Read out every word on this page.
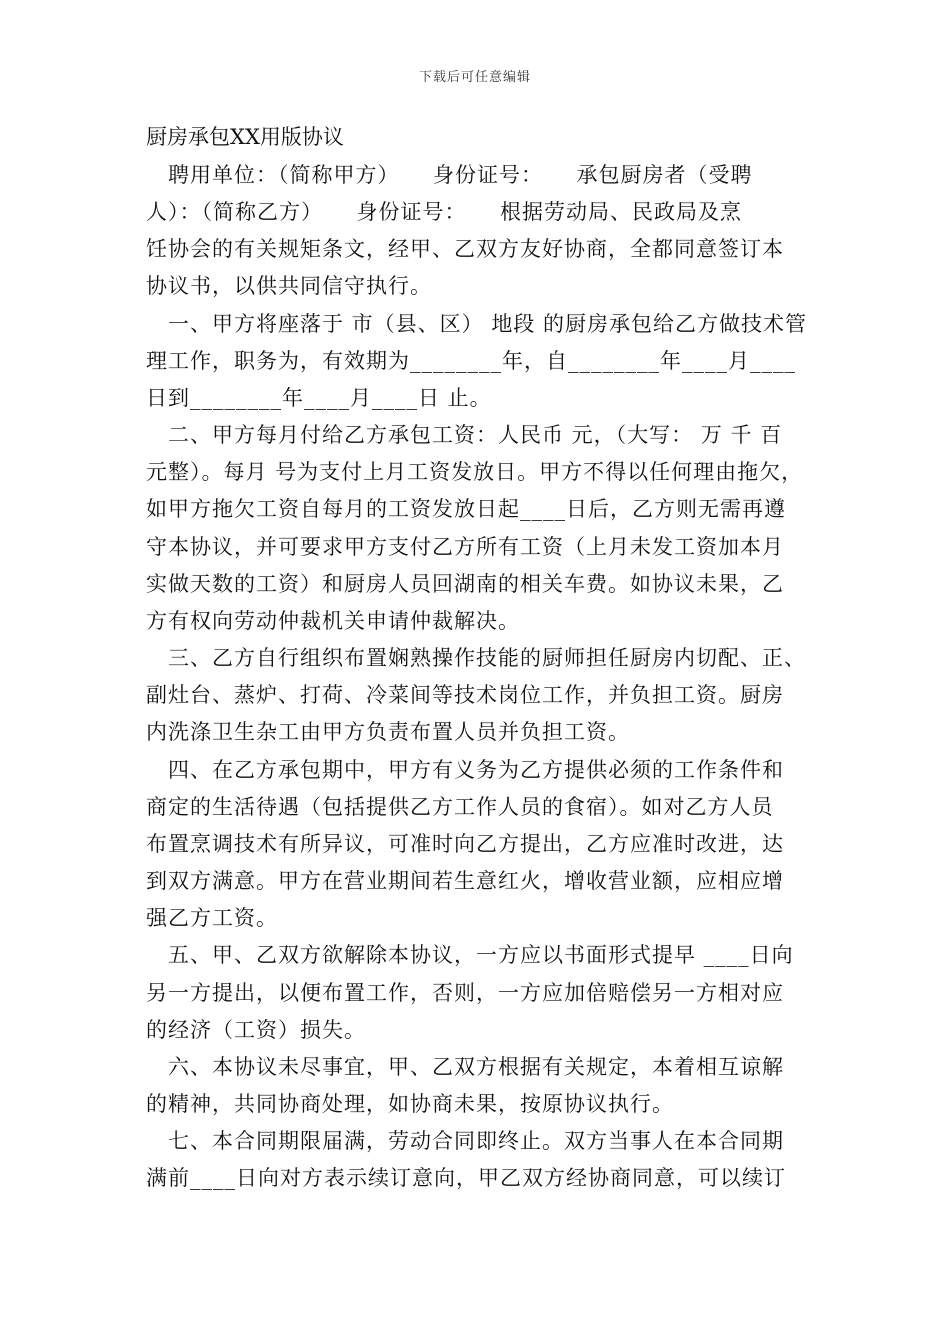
下载后可任意编辑
厨房承包XX用版协议
　聘用单位：（简称甲方）　　身份证号：　　承包厨房者（受聘
人）：（简称乙方）　　身份证号：　　根据劳动局、民政局及烹
饪协会的有关规矩条文，经甲、乙双方友好协商，全都同意签订本
协议书，以供共同信守执行。
　一、甲方将座落于 市（县、区） 地段 的厨房承包给乙方做技术管
理工作，职务为，有效期为________年，自________年____月____
日到________年____月____日 止。
　二、甲方每月付给乙方承包工资：人民币 元，（大写： 万 千 百
元整）。每月 号为支付上月工资发放日。甲方不得以任何理由拖欠，
如甲方拖欠工资自每月的工资发放日起____日后，乙方则无需再遵
守本协议，并可要求甲方支付乙方所有工资（上月未发工资加本月
实做天数的工资）和厨房人员回湖南的相关车费。如协议未果，乙
方有权向劳动仲裁机关申请仲裁解决。
　三、乙方自行组织布置娴熟操作技能的厨师担任厨房内切配、正、
副灶台、蒸炉、打荷、冷菜间等技术岗位工作，并负担工资。厨房
内洗涤卫生杂工由甲方负责布置人员并负担工资。
　四、在乙方承包期中，甲方有义务为乙方提供必须的工作条件和
商定的生活待遇（包括提供乙方工作人员的食宿）。如对乙方人员
布置烹调技术有所异议，可准时向乙方提出，乙方应准时改进，达
到双方满意。甲方在营业期间若生意红火，增收营业额，应相应增
强乙方工资。
　五、甲、乙双方欲解除本协议，一方应以书面形式提早 ____日向
另一方提出，以便布置工作，否则，一方应加倍赔偿另一方相对应
的经济（工资）损失。
　六、本协议未尽事宜，甲、乙双方根据有关规定，本着相互谅解
的精神，共同协商处理，如协商未果，按原协议执行。
　七、本合同期限届满，劳动合同即终止。双方当事人在本合同期
满前____日向对方表示续订意向，甲乙双方经协商同意，可以续订
